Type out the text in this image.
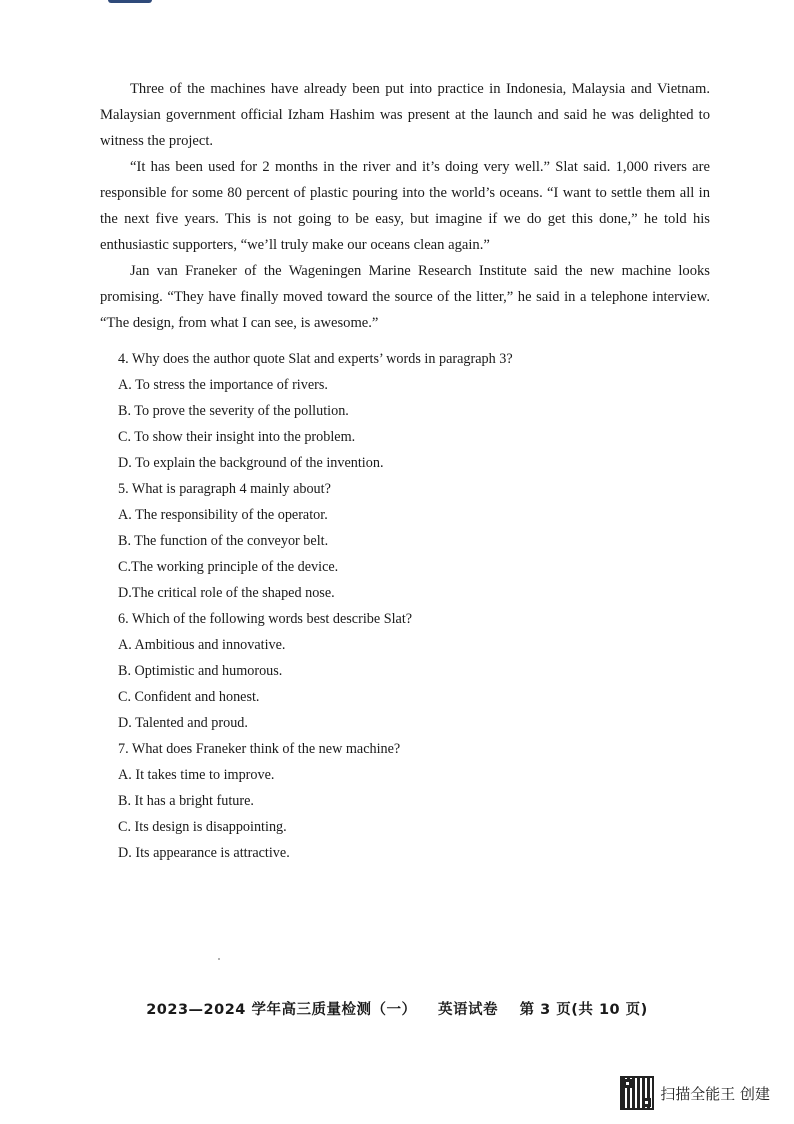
Three of the machines have already been put into practice in Indonesia, Malaysia and Vietnam. Malaysian government official Izham Hashim was present at the launch and said he was delighted to witness the project.

“It has been used for 2 months in the river and it’s doing very well.” Slat said. 1,000 rivers are responsible for some 80 percent of plastic pouring into the world’s oceans. “I want to settle them all in the next five years. This is not going to be easy, but imagine if we do get this done,” he told his enthusiastic supporters, “we’ll truly make our oceans clean again.”

Jan van Franeker of the Wageningen Marine Research Institute said the new machine looks promising. “They have finally moved toward the source of the litter,” he said in a telephone interview. “The design, from what I can see, is awesome.”

4. Why does the author quote Slat and experts’ words in paragraph 3?
A. To stress the importance of rivers.
B. To prove the severity of the pollution.
C. To show their insight into the problem.
D. To explain the background of the invention.
5. What is paragraph 4 mainly about?
A. The responsibility of the operator.
B. The function of the conveyor belt.
C.The working principle of the device.
D.The critical role of the shaped nose.
6. Which of the following words best describe Slat?
A. Ambitious and innovative.
B. Optimistic and humorous.
C. Confident and honest.
D. Talented and proud.
7. What does Franeker think of the new machine?
A. It takes time to improve.
B. It has a bright future.
C. Its design is disappointing.
D. Its appearance is attractive.
2023—2024 学年高三质量检测（一） 英语试卷 第 3 页(共 10 页)
扫描全能王 创建
